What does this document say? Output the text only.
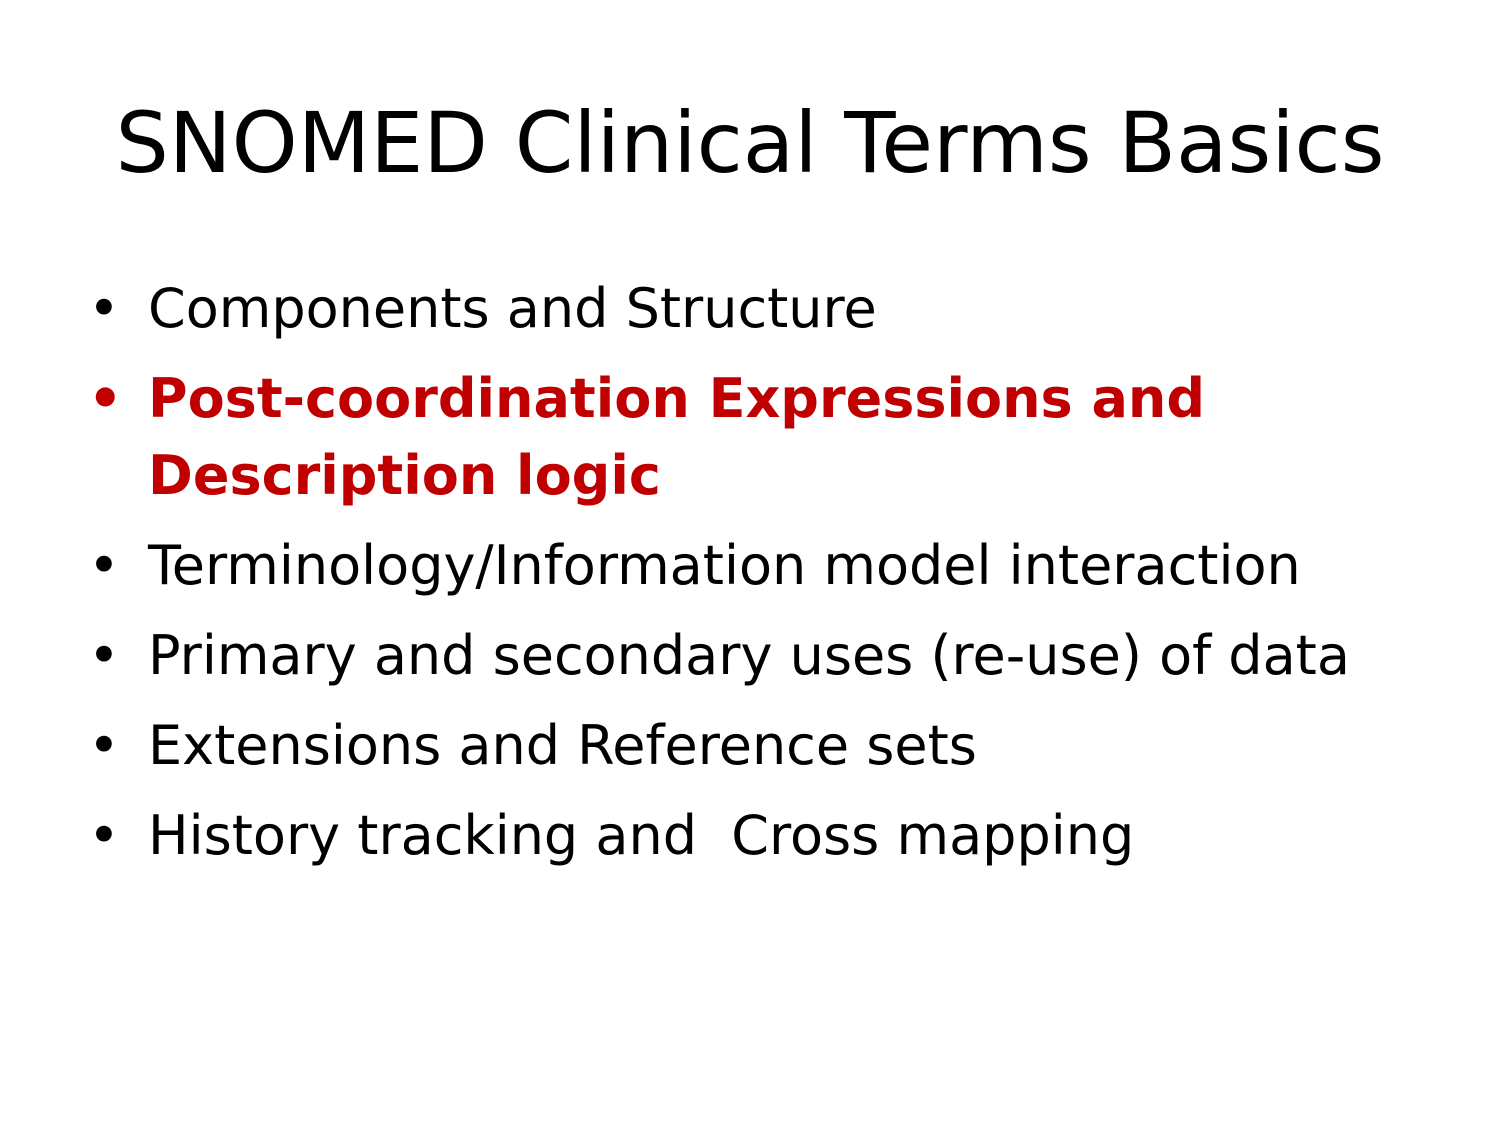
SNOMED Clinical Terms Basics
• Components and Structure
• Post-coordination Expressions and
Description logic
• Terminology/Information model interaction
• Primary and secondary uses (re-use) of data
• Extensions and Reference sets
• History tracking and  Cross mapping
